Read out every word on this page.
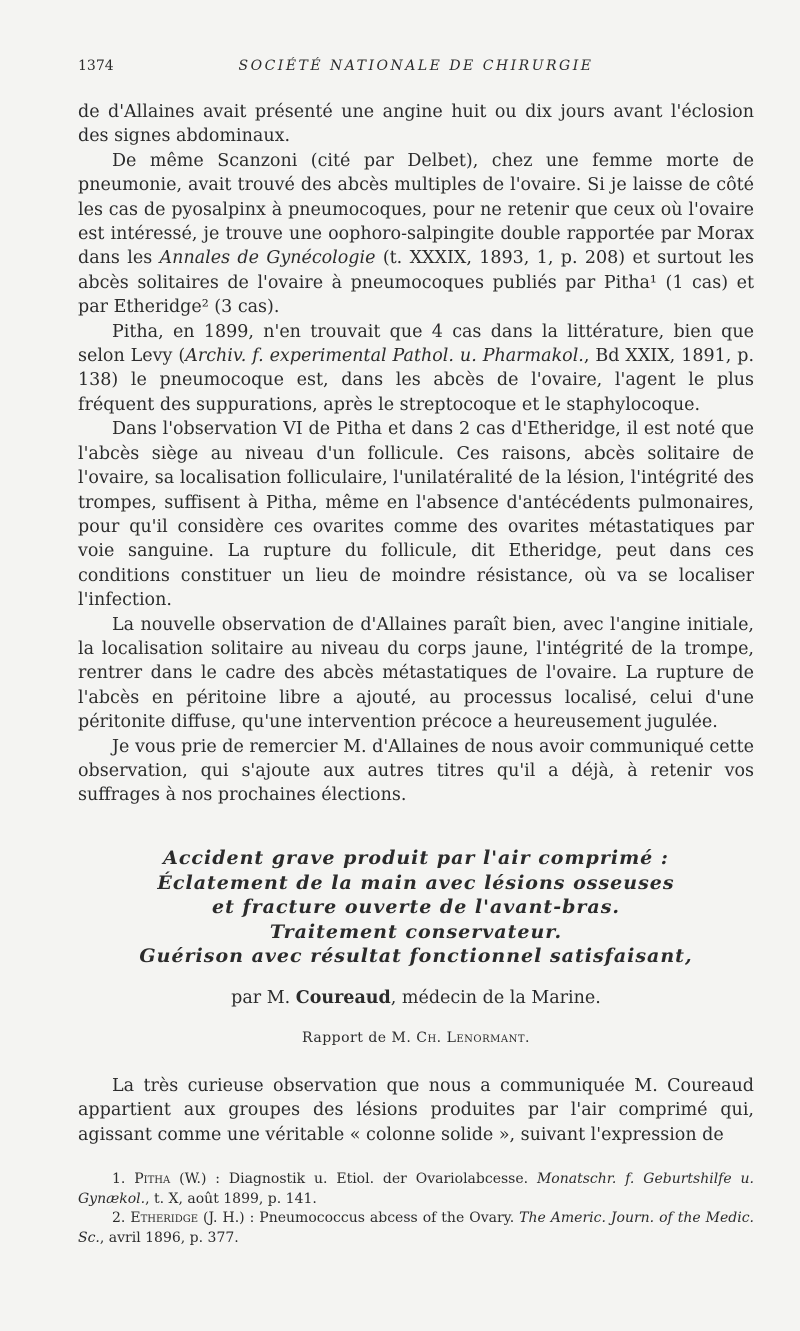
1374	SOCIÉTÉ NATIONALE DE CHIRURGIE

de d'Allaines avait présenté une angine huit ou dix jours avant l'éclosion des signes abdominaux.

De même Scanzoni (cité par Delbet), chez une femme morte de pneumonie, avait trouvé des abcès multiples de l'ovaire. Si je laisse de côté les cas de pyosalpinx à pneumocoques, pour ne retenir que ceux où l'ovaire est intéressé, je trouve une oophoro-salpingite double rapportée par Morax dans les Annales de Gynécologie (t. XXXIX, 1893, 1, p. 208) et surtout les abcès solitaires de l'ovaire à pneumocoques publiés par Pitha¹ (1 cas) et par Etheridge² (3 cas).

Pitha, en 1899, n'en trouvait que 4 cas dans la littérature, bien que selon Levy (Archiv. f. experimental Pathol. u. Pharmakol., Bd XXIX, 1891, p. 138) le pneumocoque est, dans les abcès de l'ovaire, l'agent le plus fréquent des suppurations, après le streptocoque et le staphylocoque.

Dans l'observation VI de Pitha et dans 2 cas d'Etheridge, il est noté que l'abcès siège au niveau d'un follicule. Ces raisons, abcès solitaire de l'ovaire, sa localisation folliculaire, l'unilatéralité de la lésion, l'intégrité des trompes, suffisent à Pitha, même en l'absence d'antécédents pulmonaires, pour qu'il considère ces ovarites comme des ovarites métastatiques par voie sanguine. La rupture du follicule, dit Etheridge, peut dans ces conditions constituer un lieu de moindre résistance, où va se localiser l'infection.

La nouvelle observation de d'Allaines paraît bien, avec l'angine initiale, la localisation solitaire au niveau du corps jaune, l'intégrité de la trompe, rentrer dans le cadre des abcès métastatiques de l'ovaire. La rupture de l'abcès en péritoine libre a ajouté, au processus localisé, celui d'une péritonite diffuse, qu'une intervention précoce a heureusement jugulée.

Je vous prie de remercier M. d'Allaines de nous avoir communiqué cette observation, qui s'ajoute aux autres titres qu'il a déjà, à retenir vos suffrages à nos prochaines élections.

Accident grave produit par l'air comprimé :
Éclatement de la main avec lésions osseuses
et fracture ouverte de l'avant-bras.
Traitement conservateur.
Guérison avec résultat fonctionnel satisfaisant,
par M. Coureaud, médecin de la Marine.
Rapport de M. Ch. Lenormant.

La très curieuse observation que nous a communiquée M. Coureaud appartient aux groupes des lésions produites par l'air comprimé qui, agissant comme une véritable « colonne solide », suivant l'expression de

1. Pitha (W.) : Diagnostik u. Etiol. der Ovariolabcesse. Monatschr. f. Geburtshilfe u. Gynækol., t. X, août 1899, p. 141.

2. Etheridge (J. H.) : Pneumococcus abcess of the Ovary. The Americ. Journ. of the Medic. Sc., avril 1896, p. 377.
